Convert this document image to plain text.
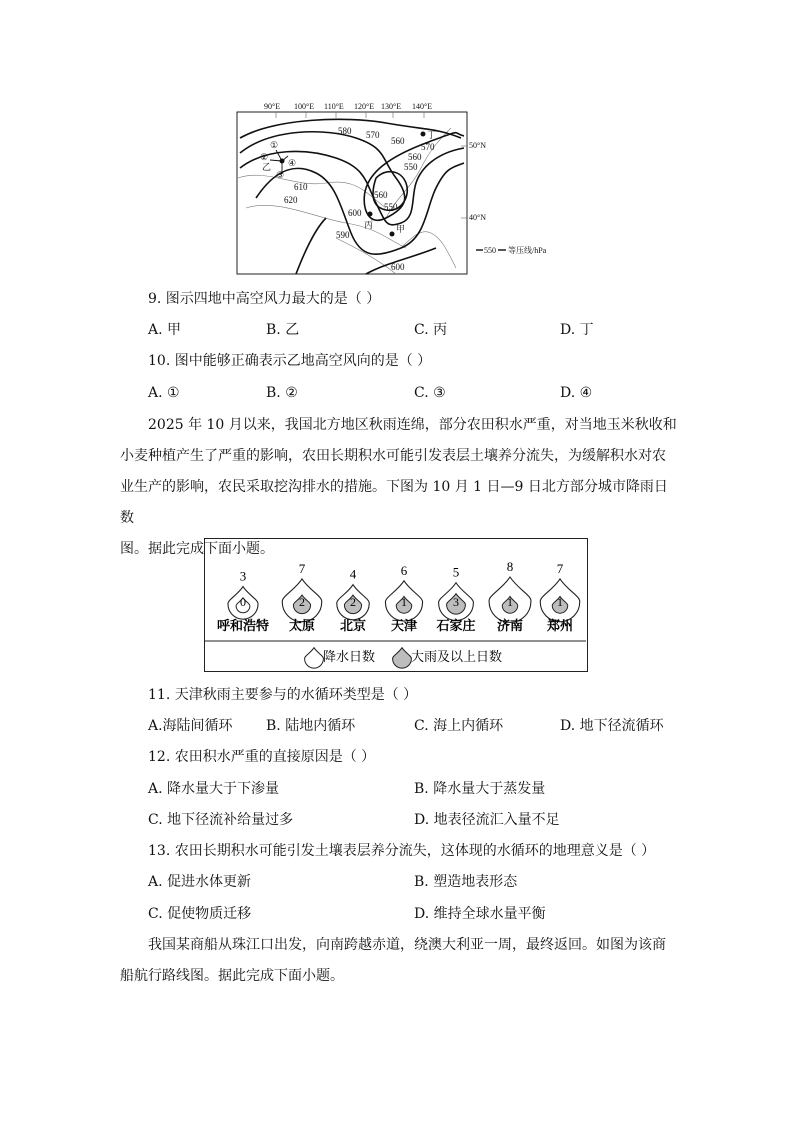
90°E 100°E 110°E 120°E 130°E 140°E
50°N
40°N
580 570
560
560
550
570
560
550
600
610
620
590
600
丁
乙
丙	甲
①
②
③
④
550 等压线/hPa
9. 图示四地中高空风力最大的是（ ）
A. 甲	B. 乙	C. 丙	D. 丁
10. 图中能够正确表示乙地高空风向的是（ ）
A. ①	B. ②	C. ③	D. ④
2025 年 10 月以来，我国北方地区秋雨连绵，部分农田积水严重，对当地玉米秋收和
小麦种植产生了严重的影响，农田长期积水可能引发表层土壤养分流失，为缓解积水对农
业生产的影响，农民采取挖沟排水的措施。下图为 10 月 1 日—9 日北方部分城市降雨日数
图。据此完成下面小题。
3
0
呼和浩特
7
2
太原
4
2
北京
6
1
天津
5
3
石家庄
8
1
济南
7
1
郑州
降水日数	大雨及以上日数
11. 天津秋雨主要参与的水循环类型是（ ）
A.海陆间循环 B. 陆地内循环	C. 海上内循环	D. 地下径流循环
12. 农田积水严重的直接原因是（ ）
A. 降水量大于下渗量	B. 降水量大于蒸发量
C. 地下径流补给量过多	D. 地表径流汇入量不足
13. 农田长期积水可能引发土壤表层养分流失，这体现的水循环的地理意义是（ ）
A. 促进水体更新	B. 塑造地表形态
C. 促使物质迁移	D. 维持全球水量平衡
我国某商船从珠江口出发，向南跨越赤道，绕澳大利亚一周，最终返回。如图为该商
船航行路线图。据此完成下面小题。
